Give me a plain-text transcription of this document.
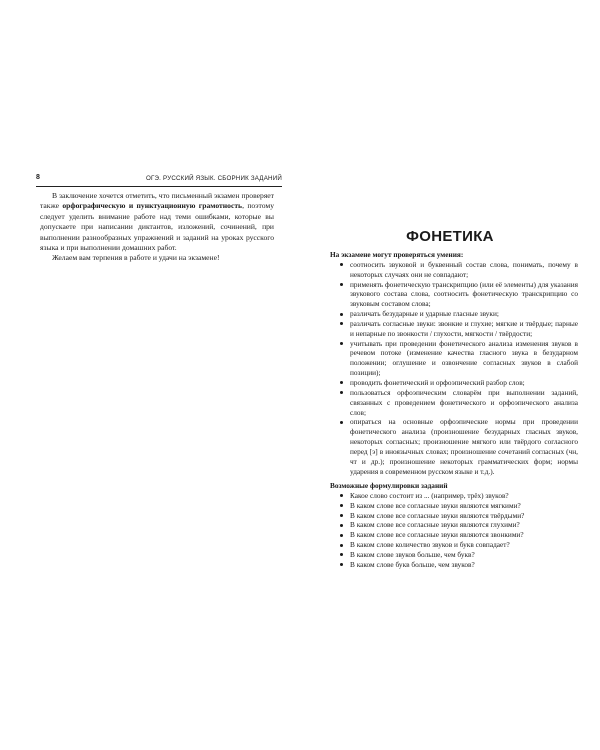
8	ОГЭ. РУССКИЙ ЯЗЫК. СБОРНИК ЗАДАНИЙ

В заключение хочется отметить, что письменный экзамен проверяет также орфографическую и пунктуационную грамотность, поэтому следует уделить внимание работе над теми ошибками, которые вы допускаете при написании диктантов, изложений, сочинений, при выполнении разнообразных упражнений и заданий на уроках русского языка и при выполнении домашних работ.

Желаем вам терпения в работе и удачи на экзамене!

ФОНЕТИКА

На экзамене могут проверяться умения:

соотносить звуковой и буквенный состав слова, понимать, почему в некоторых случаях они не совпадают;
применять фонетическую транскрипцию (или её элементы) для указания звукового состава слова, соотносить фонетическую транскрипцию со звуковым составом слова;
различать безударные и ударные гласные звуки;
различать согласные звуки: звонкие и глухие; мягкие и твёрдые; парные и непарные по звонкости / глухости, мягкости / твёрдости;
учитывать при проведении фонетического анализа изменения звуков в речевом потоке (изменение качества гласного звука в безударном положении; оглушение и озвончение согласных звуков в слабой позиции);
проводить фонетический и орфоэпический разбор слов;
пользоваться орфоэпическим словарём при выполнении заданий, связанных с проведением фонетического и орфоэпического анализа слов;
опираться на основные орфоэпические нормы при проведении фонетического анализа (произношение безударных гласных звуков, некоторых согласных; произношение мягкого или твёрдого согласного перед [э] в иноязычных словах; произношение сочетаний согласных (чн, чт и др.); произношение некоторых грамматических форм; нормы ударения в современном русском языке и т.д.).

Возможные формулировки заданий

Какое слово состоит из ... (например, трёх) звуков?
В каком слове все согласные звуки являются мягкими?
В каком слове все согласные звуки являются твёрдыми?
В каком слове все согласные звуки являются глухими?
В каком слове все согласные звуки являются звонкими?
В каком слове количество звуков и букв совпадает?
В каком слове звуков больше, чем букв?
В каком слове букв больше, чем звуков?
